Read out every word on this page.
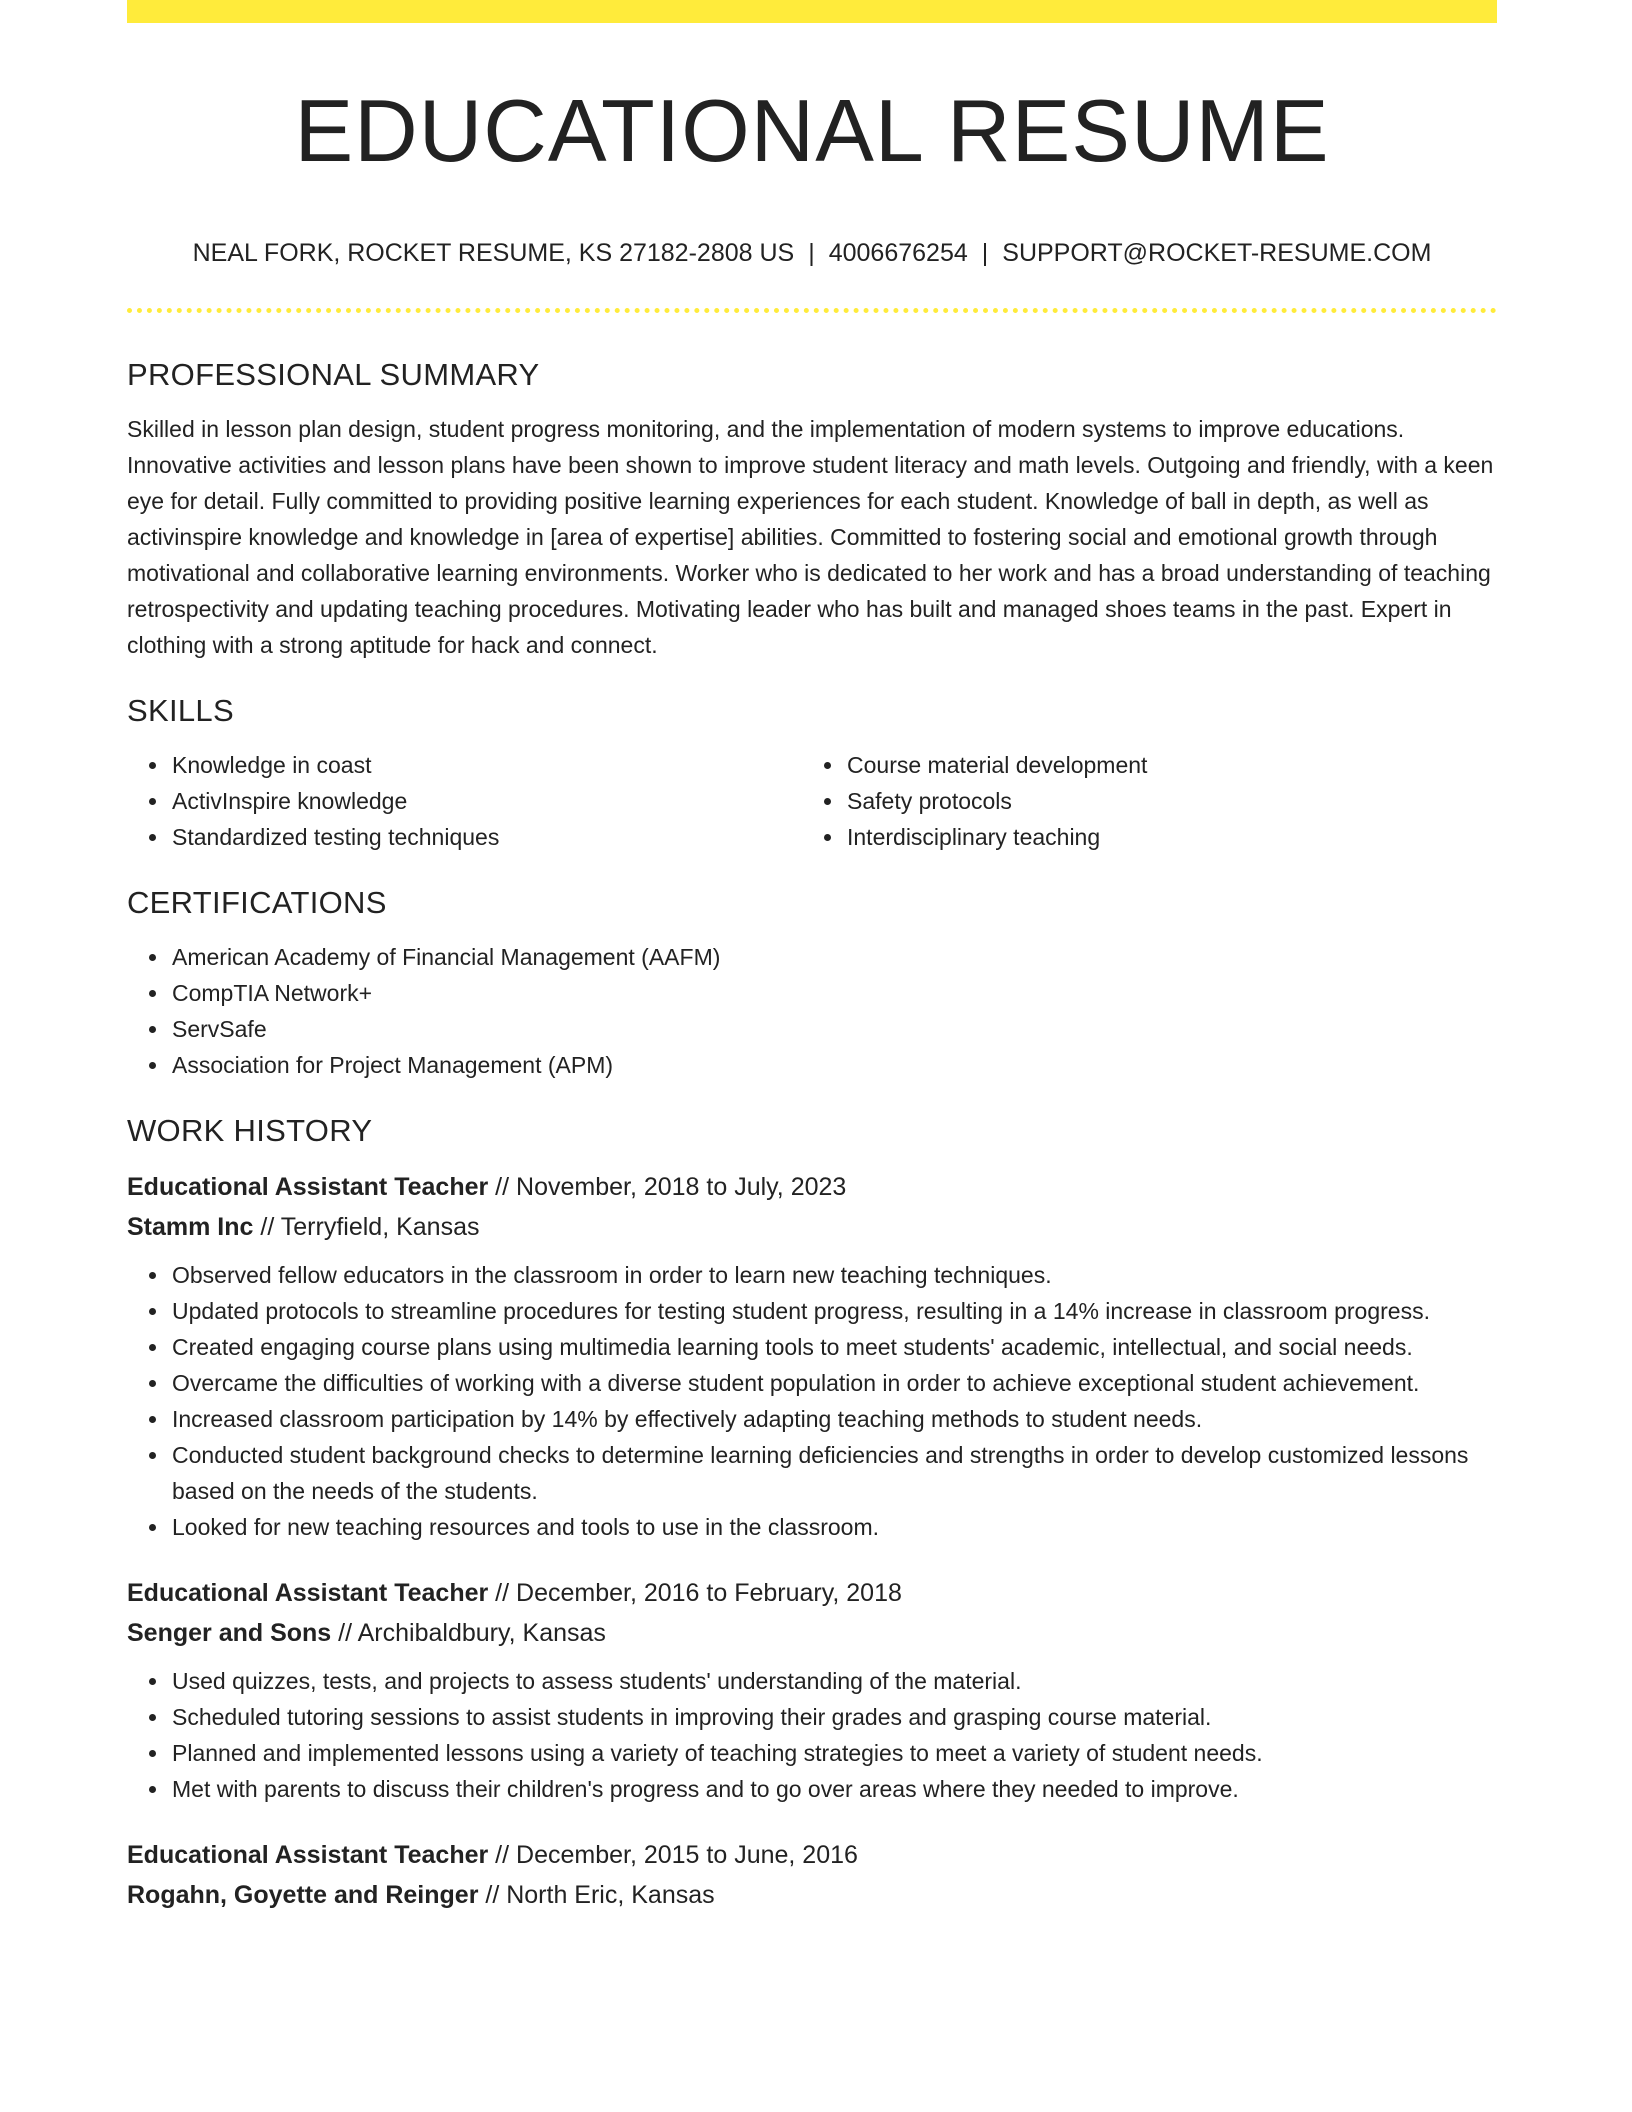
EDUCATIONAL RESUME
NEAL FORK, ROCKET RESUME, KS 27182-2808 US | 4006676254 | SUPPORT@ROCKET-RESUME.COM
PROFESSIONAL SUMMARY

Skilled in lesson plan design, student progress monitoring, and the implementation of modern systems to improve educations. Innovative activities and lesson plans have been shown to improve student literacy and math levels. Outgoing and friendly, with a keen eye for detail. Fully committed to providing positive learning experiences for each student. Knowledge of ball in depth, as well as activinspire knowledge and knowledge in [area of expertise] abilities. Committed to fostering social and emotional growth through motivational and collaborative learning environments. Worker who is dedicated to her work and has a broad understanding of teaching retrospectivity and updating teaching procedures. Motivating leader who has built and managed shoes teams in the past. Expert in clothing with a strong aptitude for hack and connect.

SKILLS
• Knowledge in coast
• ActivInspire knowledge
• Standardized testing techniques
• Course material development
• Safety protocols
• Interdisciplinary teaching
CERTIFICATIONS
• American Academy of Financial Management (AAFM)
• CompTIA Network+
• ServSafe
• Association for Project Management (APM)
WORK HISTORY
Educational Assistant Teacher // November, 2018 to July, 2023
Stamm Inc // Terryfield, Kansas
• Observed fellow educators in the classroom in order to learn new teaching techniques.
• Updated protocols to streamline procedures for testing student progress, resulting in a 14% increase in classroom progress.
• Created engaging course plans using multimedia learning tools to meet students' academic, intellectual, and social needs.
• Overcame the difficulties of working with a diverse student population in order to achieve exceptional student achievement.
• Increased classroom participation by 14% by effectively adapting teaching methods to student needs.
• Conducted student background checks to determine learning deficiencies and strengths in order to develop customized lessons based on the needs of the students.
• Looked for new teaching resources and tools to use in the classroom.
Educational Assistant Teacher // December, 2016 to February, 2018
Senger and Sons // Archibaldbury, Kansas
• Used quizzes, tests, and projects to assess students' understanding of the material.
• Scheduled tutoring sessions to assist students in improving their grades and grasping course material.
• Planned and implemented lessons using a variety of teaching strategies to meet a variety of student needs.
• Met with parents to discuss their children's progress and to go over areas where they needed to improve.
Educational Assistant Teacher // December, 2015 to June, 2016
Rogahn, Goyette and Reinger // North Eric, Kansas
